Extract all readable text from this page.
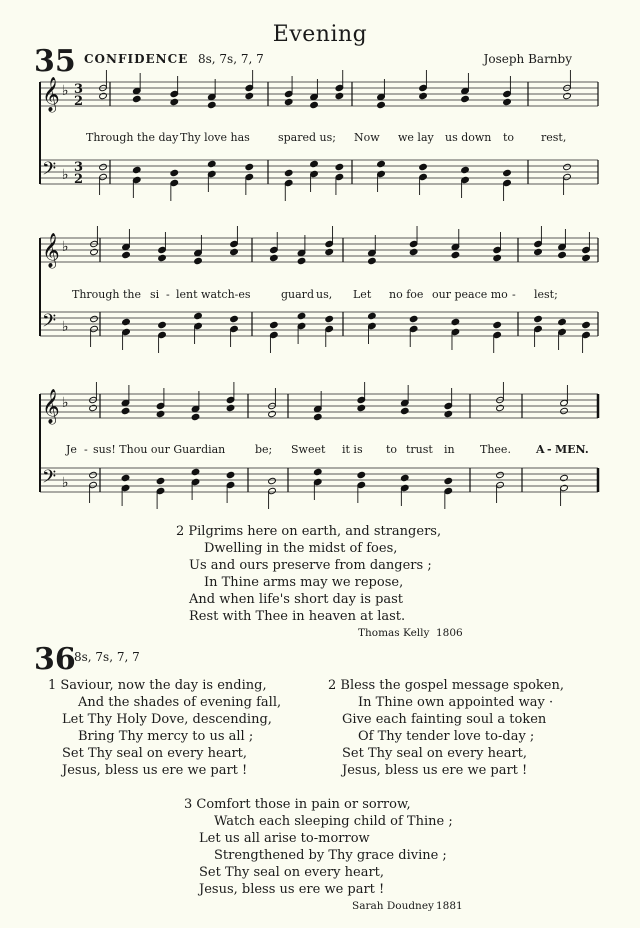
Evening
35 CONFIDENCE 8s, 7s, 7, 7	Joseph Barnby
𝄞
𝄢
♭
♭
3
2
3
2
𝄞
𝄢
♭
♭
𝄞
𝄢
♭
♭
Through the day Thy love has	spared us; Now we lay us down to rest,
Through the si - lent watch-es	guard us, Let no foe our peace mo - lest;
Je - sus! Thou our Guardian	be; Sweet it is to trust in Thee. A - MEN.
2 Pilgrims here on earth, and strangers,
Dwelling in the midst of foes,
Us and ours preserve from dangers ;
In Thine arms may we repose,
And when life's short day is past
Rest with Thee in heaven at last.
Thomas Kelly 1806
36
8s, 7s, 7, 7
1 Saviour, now the day is ending,
And the shades of evening fall,
Let Thy Holy Dove, descending,
Bring Thy mercy to us all ;
Set Thy seal on every heart,
Jesus, bless us ere we part !
2 Bless the gospel message spoken,
In Thine own appointed way ·
Give each fainting soul a token
Of Thy tender love to-day ;
Set Thy seal on every heart,
Jesus, bless us ere we part !
3 Comfort those in pain or sorrow,
Watch each sleeping child of Thine ;
Let us all arise to-morrow
Strengthened by Thy grace divine ;
Set Thy seal on every heart,
Jesus, bless us ere we part !
Sarah Doudney 1881
